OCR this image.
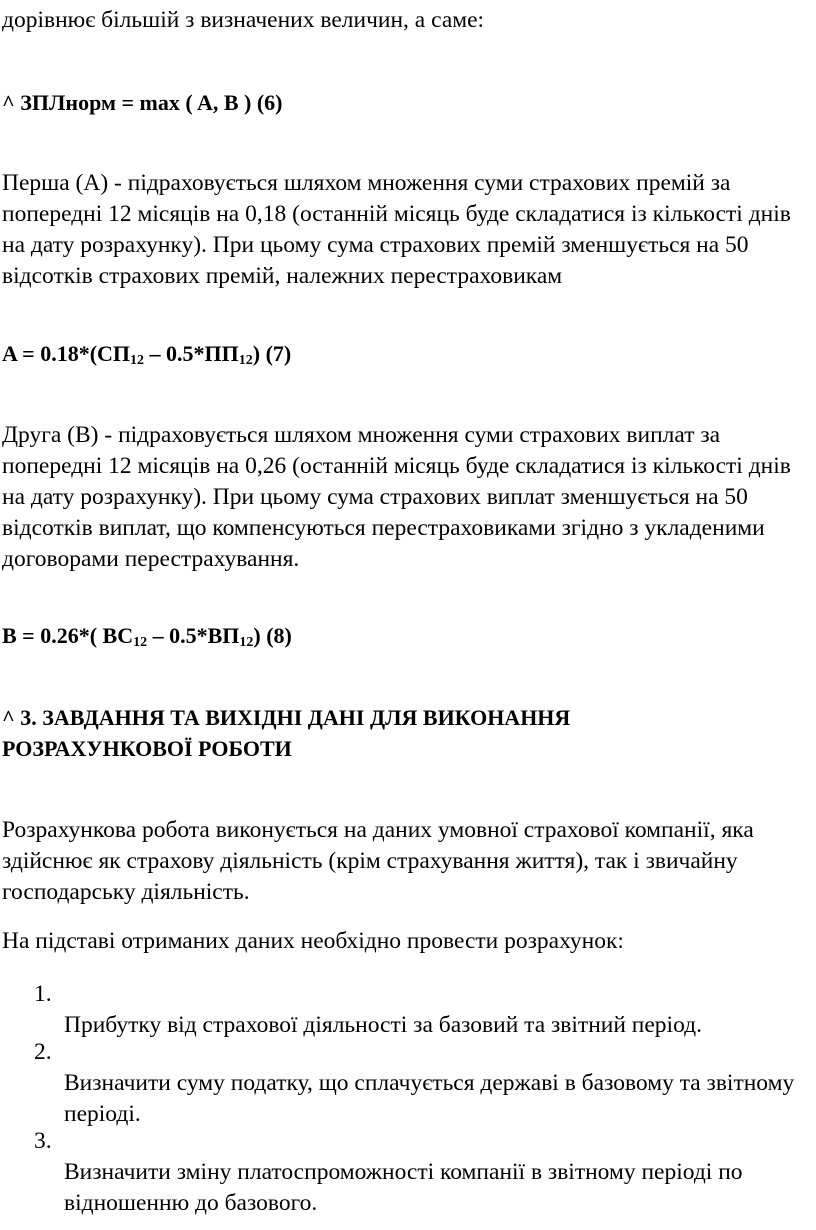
дорівнює більшій з визначених величин, а саме:

^ ЗПЛнорм = max ( A, B ) (6)

Перша (А) - підраховується шляхом множення суми страхових премій за попередні 12 місяців на 0,18 (останній місяць буде складатися із кількості днів на дату розрахунку). При цьому сума страхових премій зменшується на 50 відсотків страхових премій, належних перестраховикам

$A = 0.18*(СП_{12} - 0.5*ПП_{12})$ (7)

Друга (В) - підраховується шляхом множення суми страхових виплат за попередні 12 місяців на 0,26 (останній місяць буде складатися із кількості днів на дату розрахунку). При цьому сума страхових виплат зменшується на 50 відсотків виплат, що компенсуються перестраховиками згідно з укладеними договорами перестрахування.

B = 0.26*( $ВС_{12} - 0.5*ВП_{12}$) (8)

^ 3. ЗАВДАННЯ ТА ВИХІДНІ ДАНІ ДЛЯ ВИКОНАННЯ РОЗРАХУНКОВОЇ РОБОТИ

Розрахункова робота виконується на даних умовної страхової компанії, яка здійснює як страхову діяльність (крім страхування життя), так і звичайну господарську діяльність.

На підставі отриманих даних необхідно провести розрахунок:

1.
Прибутку від страхової діяльності за базовий та звітний період.
2.
Визначити суму податку, що сплачується державі в базовому та звітному періоді.
3.
Визначити зміну платоспроможності компанії в звітному періоді по відношенню до базового.
